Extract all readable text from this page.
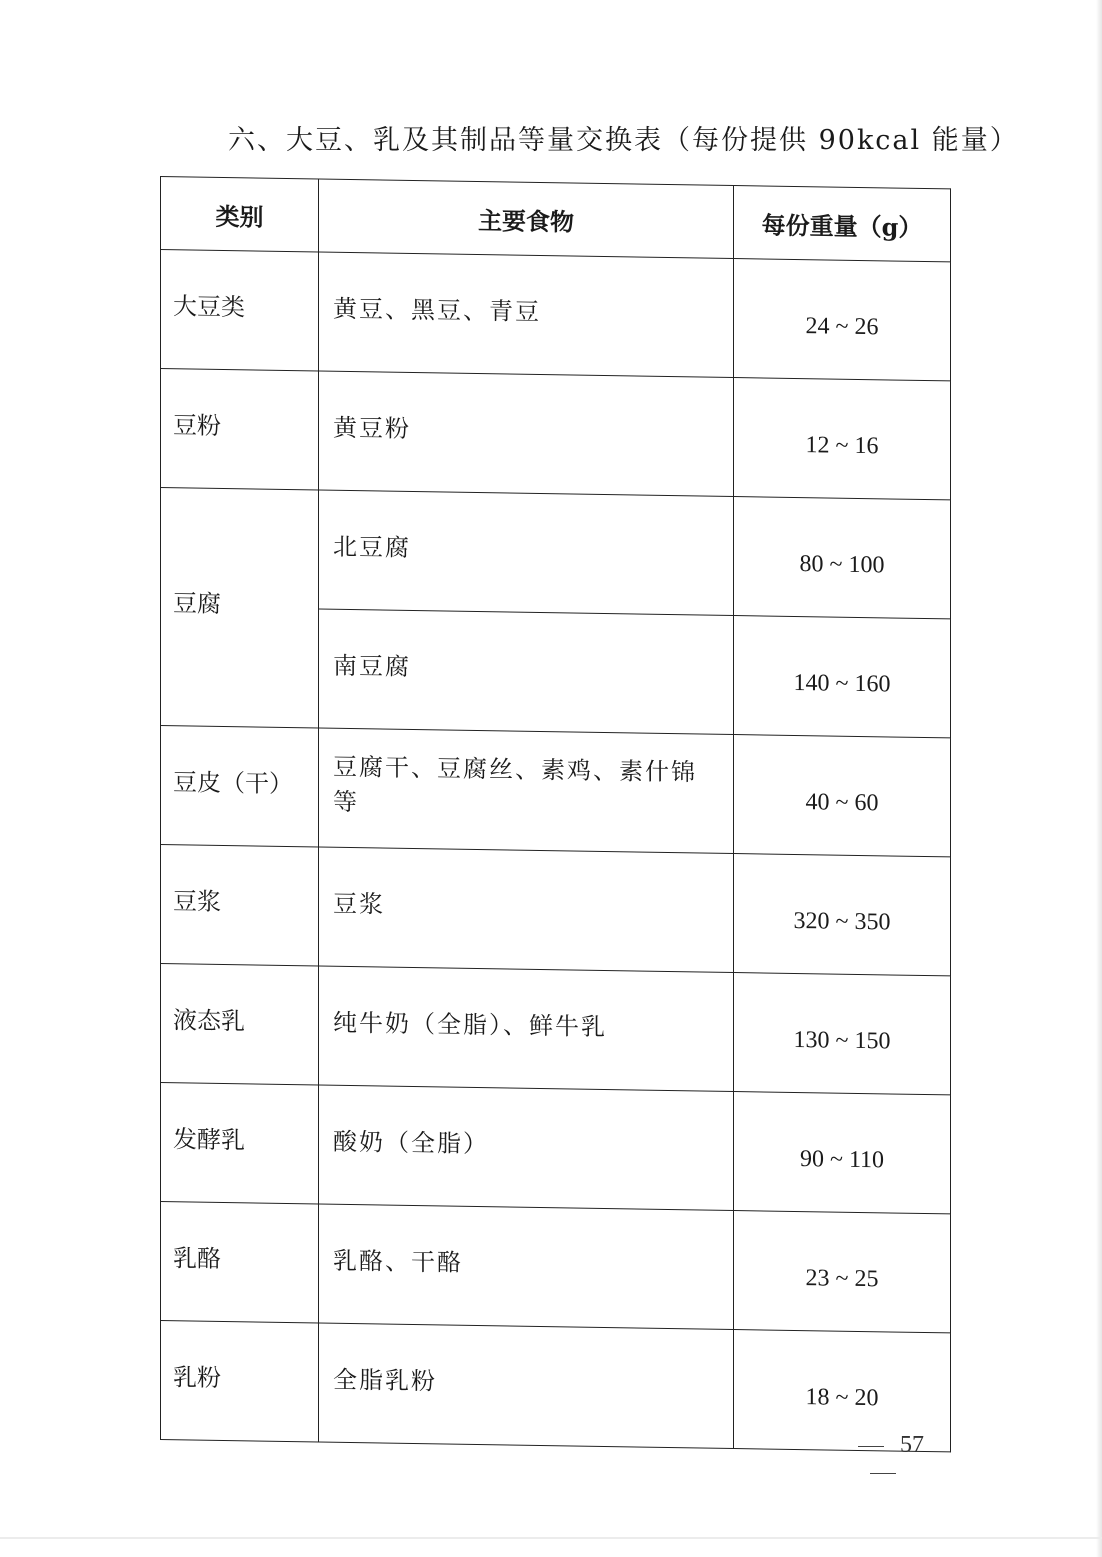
六、大豆、乳及其制品等量交换表（每份提供 90kcal 能量）
类别	主要食物	每份重量（g）
大豆类	黄豆、黑豆、青豆	24 ~ 26
豆粉	黄豆粉	12 ~ 16
豆腐	北豆腐	80 ~ 100
	南豆腐	140 ~ 160
豆皮（干）	豆腐干、豆腐丝、素鸡、素什锦等	40 ~ 60
豆浆	豆浆	320 ~ 350
液态乳	纯牛奶（全脂）、鲜牛乳	130 ~ 150
发酵乳	酸奶（全脂）	90 ~ 110
乳酪	乳酪、干酪	23 ~ 25
乳粉	全脂乳粉	18 ~ 20
57
